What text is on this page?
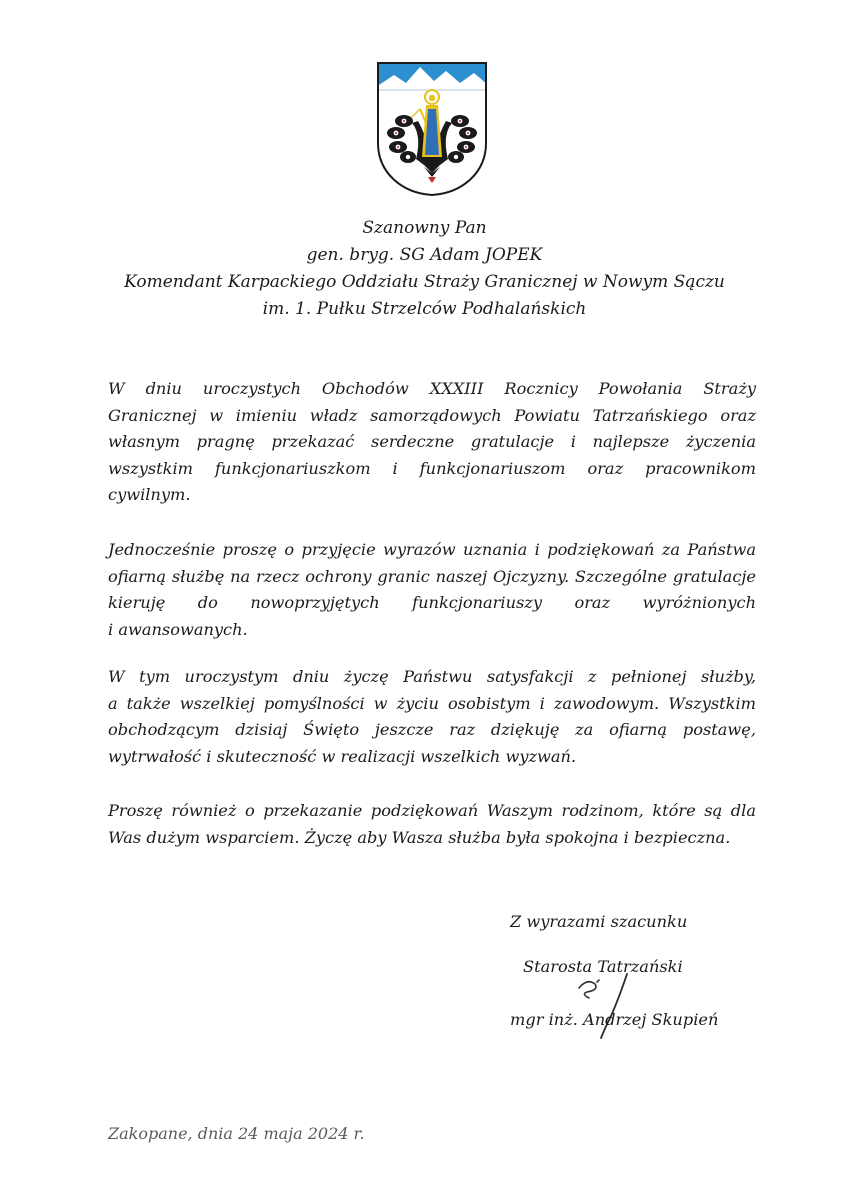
Szanowny Pan
gen. bryg. SG Adam JOPEK
Komendant Karpackiego Oddziału Straży Granicznej w Nowym Sączu
im. 1. Pułku Strzelców Podhalańskich

W dniu uroczystych Obchodów XXXIII Rocznicy Powołania Straży
Granicznej w imieniu władz samorządowych Powiatu Tatrzańskiego oraz
własnym pragnę przekazać serdeczne gratulacje i najlepsze życzenia
wszystkim funkcjonariuszkom i funkcjonariuszom oraz pracownikom
cywilnym.

Jednocześnie proszę o przyjęcie wyrazów uznania i podziękowań za Państwa
ofiarną służbę na rzecz ochrony granic naszej Ojczyzny. Szczególne gratulacje
kieruję do nowoprzyjętych funkcjonariuszy oraz wyróżnionych
i awansowanych.

W tym uroczystym dniu życzę Państwu satysfakcji z pełnionej służby,
a także wszelkiej pomyślności w życiu osobistym i zawodowym. Wszystkim
obchodzącym dzisiaj Święto jeszcze raz dziękuję za ofiarną postawę,
wytrwałość i skuteczność w realizacji wszelkich wyzwań.

Proszę również o przekazanie podziękowań Waszym rodzinom, które są dla
Was dużym wsparciem. Życzę aby Wasza służba była spokojna i bezpieczna.

Z wyrazami szacunku
Starosta Tatrzański
mgr inż. Andrzej Skupień
Zakopane, dnia 24 maja 2024 r.
